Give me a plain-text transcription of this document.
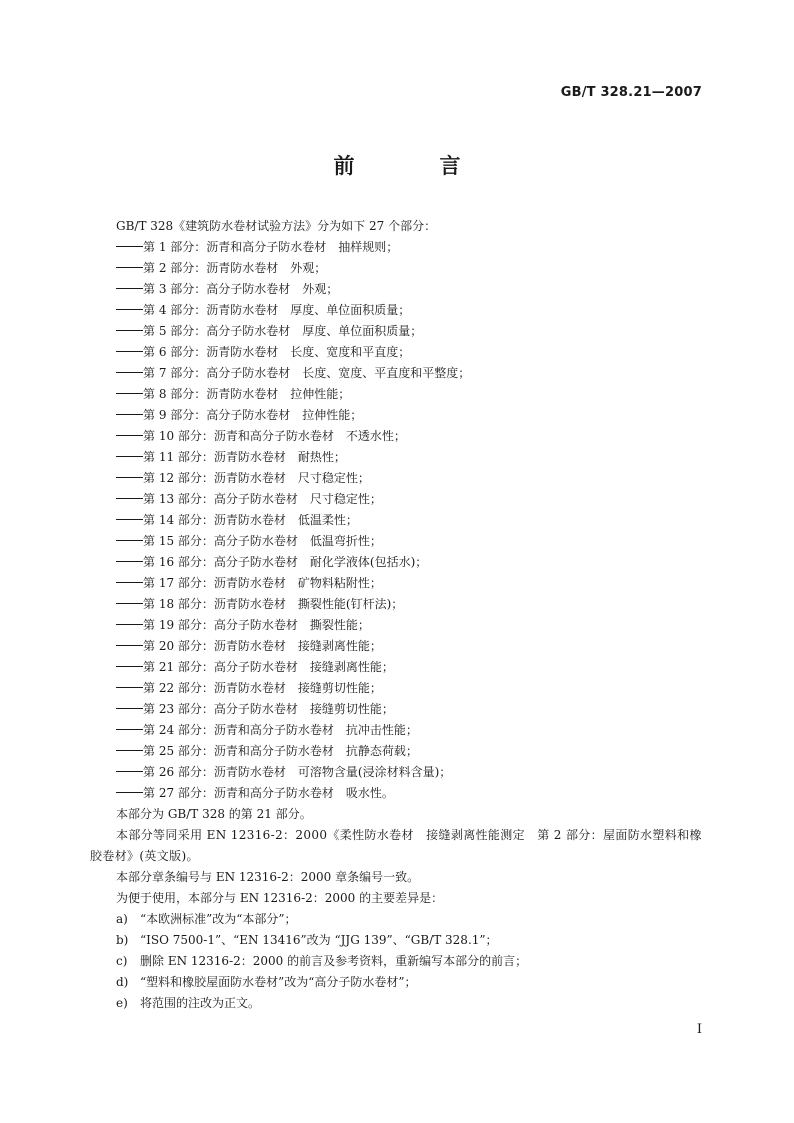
GB/T 328.21—2007
前　言

GB/T 328《建筑防水卷材试验方法》分为如下 27 个部分：

第 1 部分：沥青和高分子防水卷材　抽样规则；

第 2 部分：沥青防水卷材　外观；

第 3 部分：高分子防水卷材　外观；

第 4 部分：沥青防水卷材　厚度、单位面积质量；

第 5 部分：高分子防水卷材　厚度、单位面积质量；

第 6 部分：沥青防水卷材　长度、宽度和平直度；

第 7 部分：高分子防水卷材　长度、宽度、平直度和平整度；

第 8 部分：沥青防水卷材　拉伸性能；

第 9 部分：高分子防水卷材　拉伸性能；

第 10 部分：沥青和高分子防水卷材　不透水性；

第 11 部分：沥青防水卷材　耐热性；

第 12 部分：沥青防水卷材　尺寸稳定性；

第 13 部分：高分子防水卷材　尺寸稳定性；

第 14 部分：沥青防水卷材　低温柔性；

第 15 部分：高分子防水卷材　低温弯折性；

第 16 部分：高分子防水卷材　耐化学液体(包括水)；

第 17 部分：沥青防水卷材　矿物料粘附性；

第 18 部分：沥青防水卷材　撕裂性能(钉杆法)；

第 19 部分：高分子防水卷材　撕裂性能；

第 20 部分：沥青防水卷材　接缝剥离性能；

第 21 部分：高分子防水卷材　接缝剥离性能；

第 22 部分：沥青防水卷材　接缝剪切性能；

第 23 部分：高分子防水卷材　接缝剪切性能；

第 24 部分：沥青和高分子防水卷材　抗冲击性能；

第 25 部分：沥青和高分子防水卷材　抗静态荷载；

第 26 部分：沥青防水卷材　可溶物含量(浸涂材料含量)；

第 27 部分：沥青和高分子防水卷材　吸水性。

本部分为 GB/T 328 的第 21 部分。

本部分等同采用 EN 12316-2：2000《柔性防水卷材　接缝剥离性能测定　第 2 部分：屋面防水塑料和橡胶卷材》(英文版)。

本部分章条编号与 EN 12316-2：2000 章条编号一致。

为便于使用，本部分与 EN 12316-2：2000 的主要差异是：

a) “本欧洲标准”改为“本部分”；

b) “ISO 7500-1”、“EN 13416”改为 “JJG 139”、“GB/T 328.1”；

c) 删除 EN 12316-2：2000 的前言及参考资料，重新编写本部分的前言；

d) “塑料和橡胶屋面防水卷材”改为“高分子防水卷材”；

e) 将范围的注改为正文。

I
